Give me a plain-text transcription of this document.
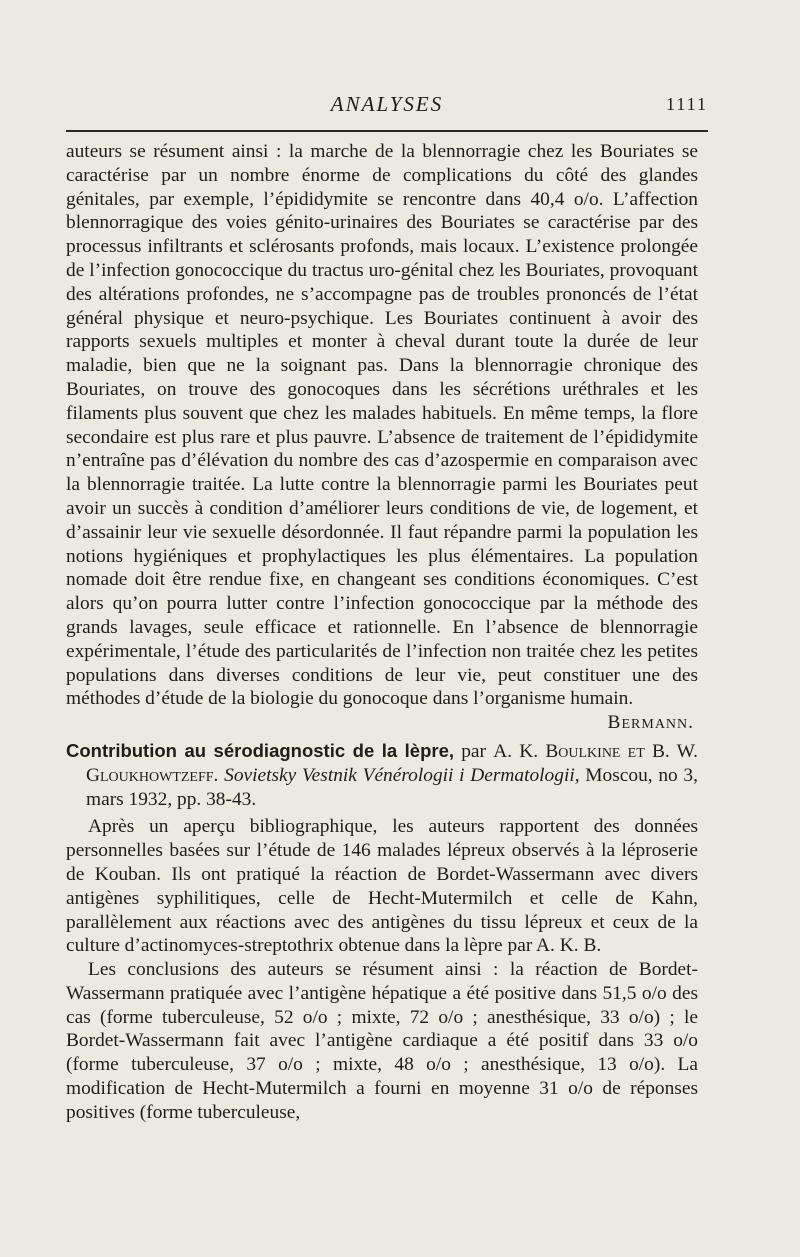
ANALYSES	1111

auteurs se résument ainsi : la marche de la blennorragie chez les Bouriates se caractérise par un nombre énorme de complications du côté des glandes génitales, par exemple, l’épididymite se rencontre dans 40,4 o/o. L’affection blennorragique des voies génito-urinaires des Bouriates se caractérise par des processus infiltrants et sclérosants profonds, mais locaux. L’existence prolongée de l’infection gonococcique du tractus uro-génital chez les Bouriates, provoquant des altérations profondes, ne s’accompagne pas de troubles prononcés de l’état général physique et neuro-psychique. Les Bouriates continuent à avoir des rapports sexuels multiples et monter à cheval durant toute la durée de leur maladie, bien que ne la soignant pas. Dans la blennorragie chronique des Bouriates, on trouve des gonocoques dans les sécrétions uréthrales et les filaments plus souvent que chez les malades habituels. En même temps, la flore secondaire est plus rare et plus pauvre. L’absence de traitement de l’épididymite n’entraîne pas d’élévation du nombre des cas d’azospermie en comparaison avec la blennorragie traitée. La lutte contre la blennorragie parmi les Bouriates peut avoir un succès à condition d’améliorer leurs conditions de vie, de logement, et d’assainir leur vie sexuelle désordonnée. Il faut répandre parmi la population les notions hygiéniques et prophylactiques les plus élémentaires. La population nomade doit être rendue fixe, en changeant ses conditions économiques. C’est alors qu’on pourra lutter contre l’infection gonococcique par la méthode des grands lavages, seule efficace et rationnelle. En l’absence de blennorragie expérimentale, l’étude des particularités de l’infection non traitée chez les petites populations dans diverses conditions de leur vie, peut constituer une des méthodes d’étude de la biologie du gonocoque dans l’organisme humain.

Bermann.

Contribution au sérodiagnostic de la lèpre, par A. K. Boulkine et B. W. Gloukhowtzeff. Sovietsky Vestnik Vénérologii i Dermatologii, Moscou, no 3, mars 1932, pp. 38-43.

Après un aperçu bibliographique, les auteurs rapportent des données personnelles basées sur l’étude de 146 malades lépreux observés à la léproserie de Kouban. Ils ont pratiqué la réaction de Bordet-Wassermann avec divers antigènes syphilitiques, celle de Hecht-Mutermilch et celle de Kahn, parallèlement aux réactions avec des antigènes du tissu lépreux et ceux de la culture d’actinomyces-streptothrix obtenue dans la lèpre par A. K. B.

Les conclusions des auteurs se résument ainsi : la réaction de Bordet-Wassermann pratiquée avec l’antigène hépatique a été positive dans 51,5 o/o des cas (forme tuberculeuse, 52 o/o ; mixte, 72 o/o ; anesthésique, 33 o/o) ; le Bordet-Wassermann fait avec l’antigène cardiaque a été positif dans 33 o/o (forme tuberculeuse, 37 o/o ; mixte, 48 o/o ; anesthésique, 13 o/o). La modification de Hecht-Mutermilch a fourni en moyenne 31 o/o de réponses positives (forme tuberculeuse,
